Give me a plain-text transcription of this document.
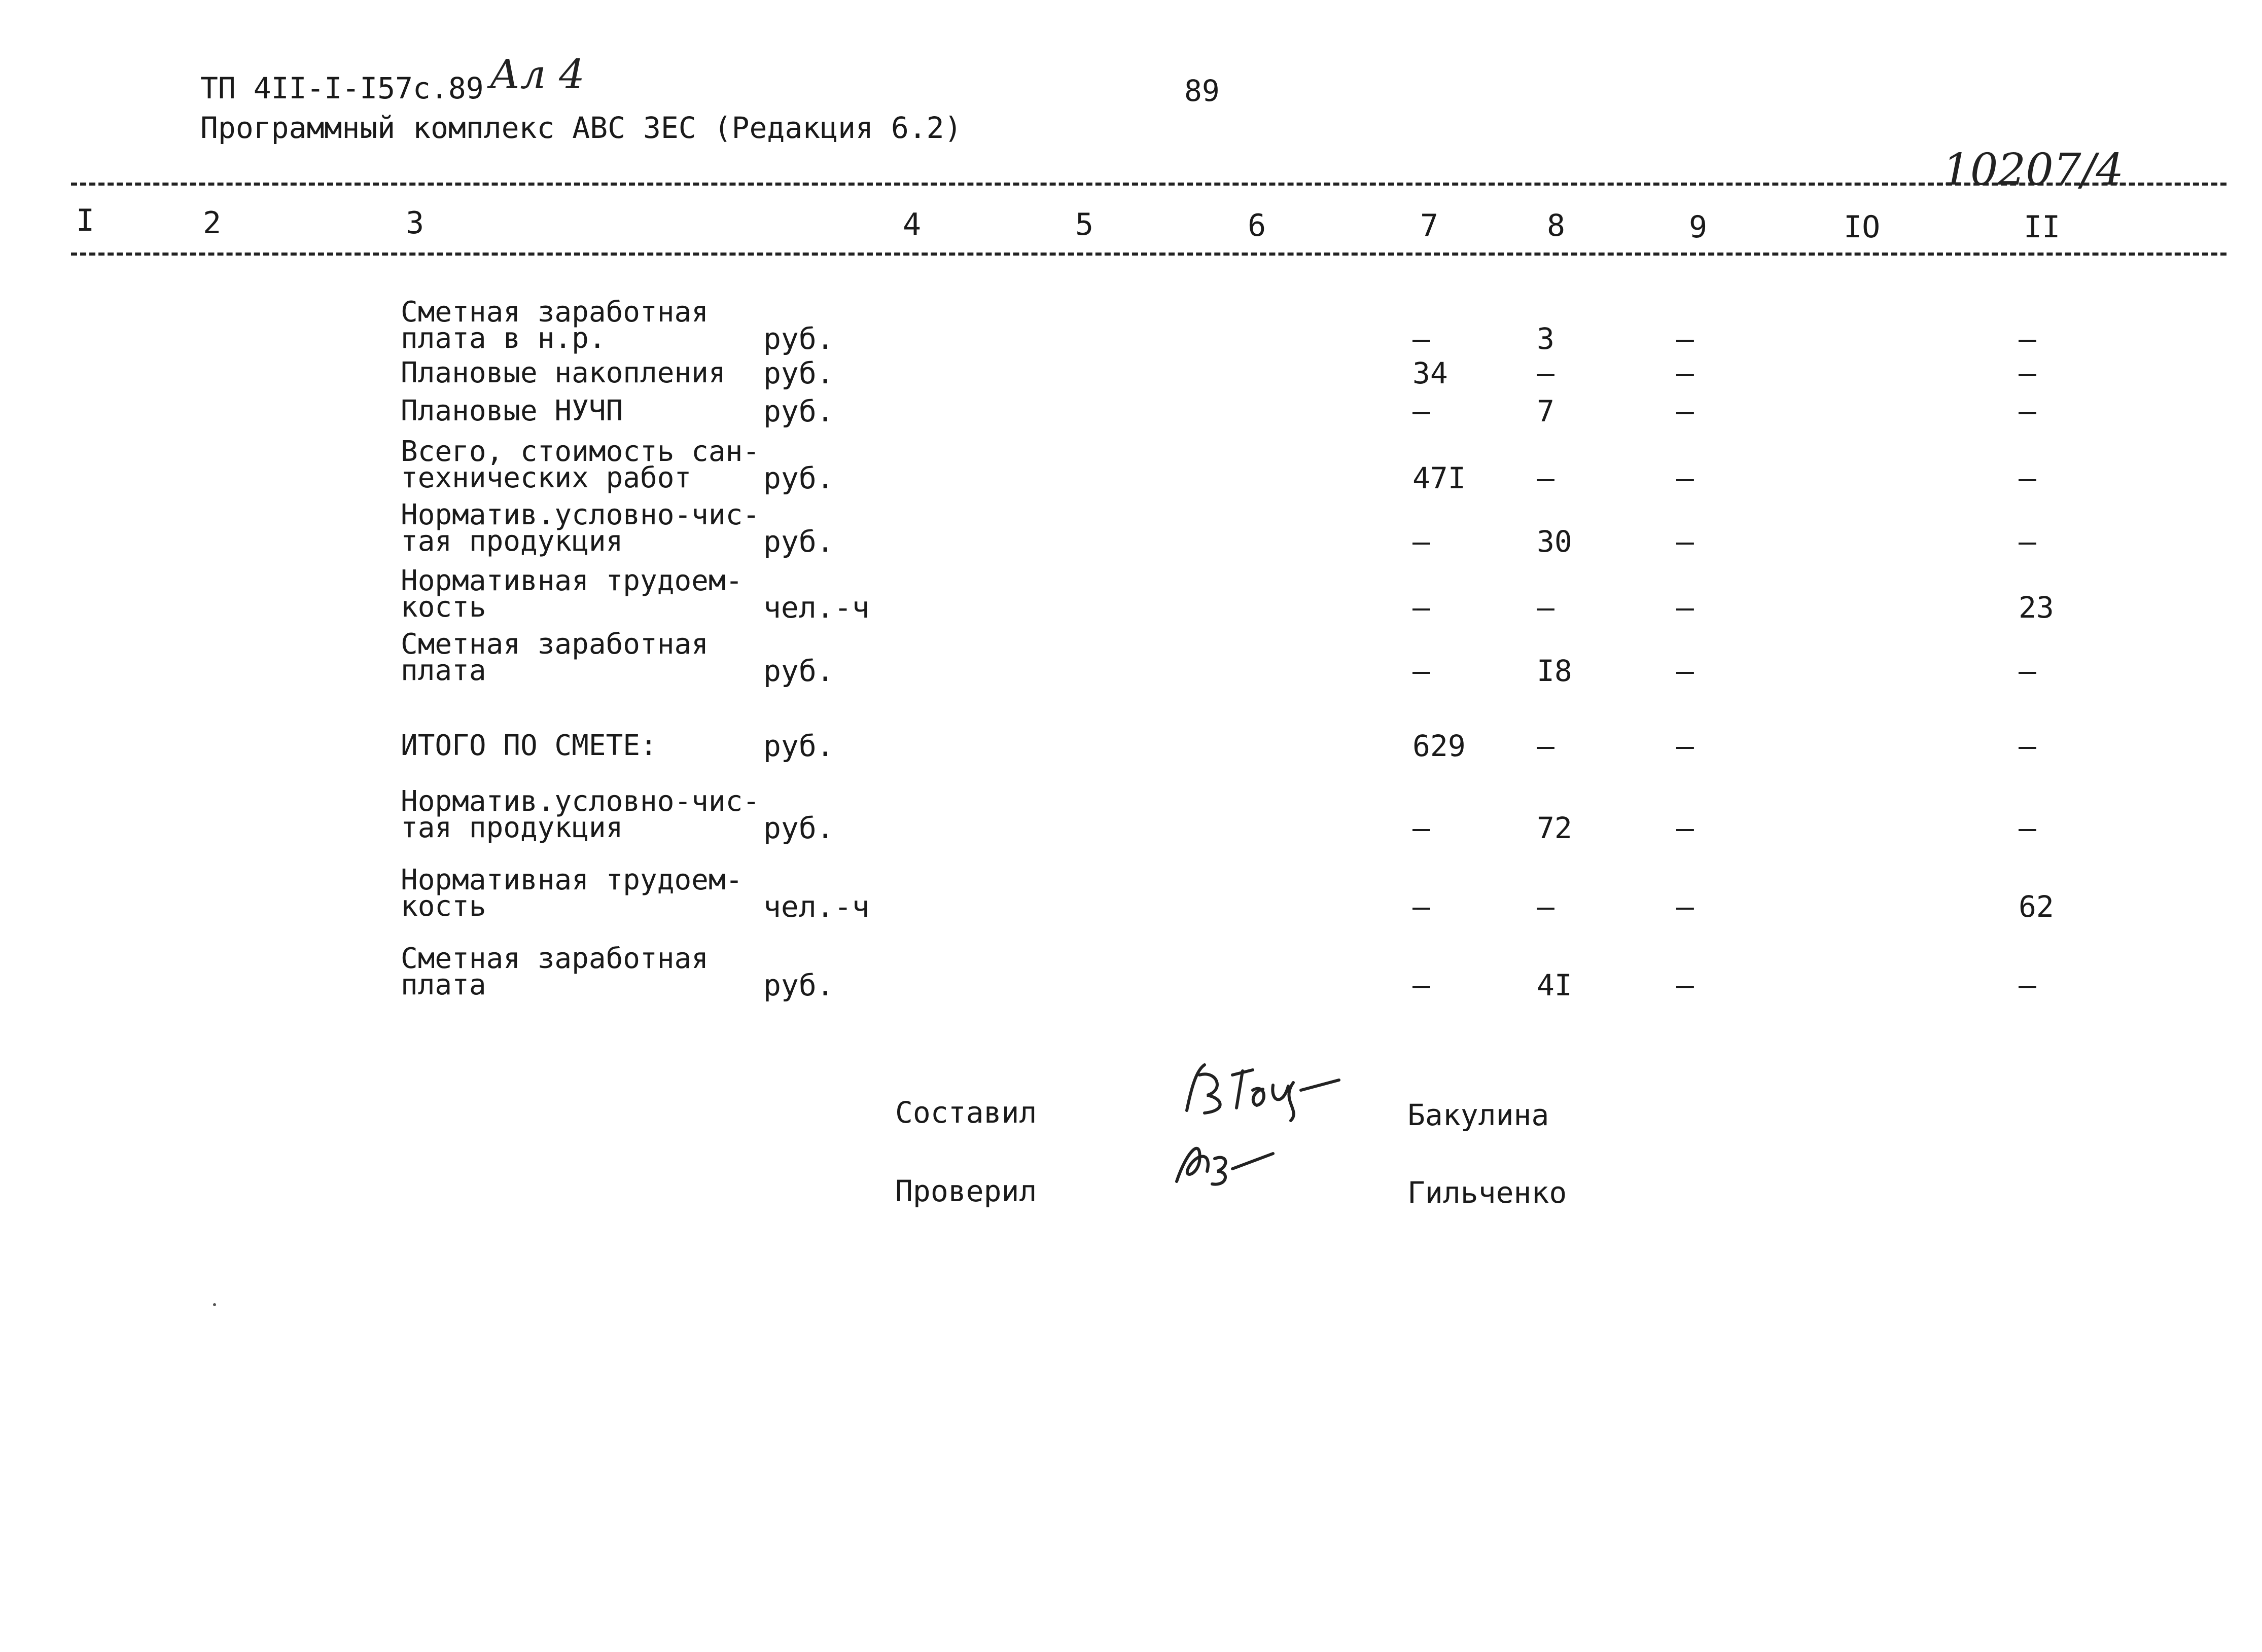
ТП 4II-I-I57с.89 Ал 4	89
Программный комплекс АВС ЗЕС (Редакция 6.2)
10207/4
I	2	3	4	5	6	7	8	9	IO	II
Сметная заработная
плата в н.р.	руб.	–	3	–	–
Плановые накопления руб.	34	–	–	–
Плановые НУЧП	руб.	–	7	–	–
Всего, стоимость сан-
технических работ руб.	47I –	–	–
Норматив.условно-чис-
тая продукция	руб.	–	30	–	–
Нормативная трудоем-
кость	чел.-ч	–	–	–	23
Сметная заработная
плата	руб.	–	I8	–	–
ИТОГО ПО СМЕТЕ:	руб.	629 –	–	–
Норматив.условно-чис-
тая продукция	руб.	–	72	–	–
Нормативная трудоем-
кость	чел.-ч	–	–	–	62
Сметная заработная
плата	руб.	–	4I	–	–
Составил	Бакулина
Проверил	Гильченко
